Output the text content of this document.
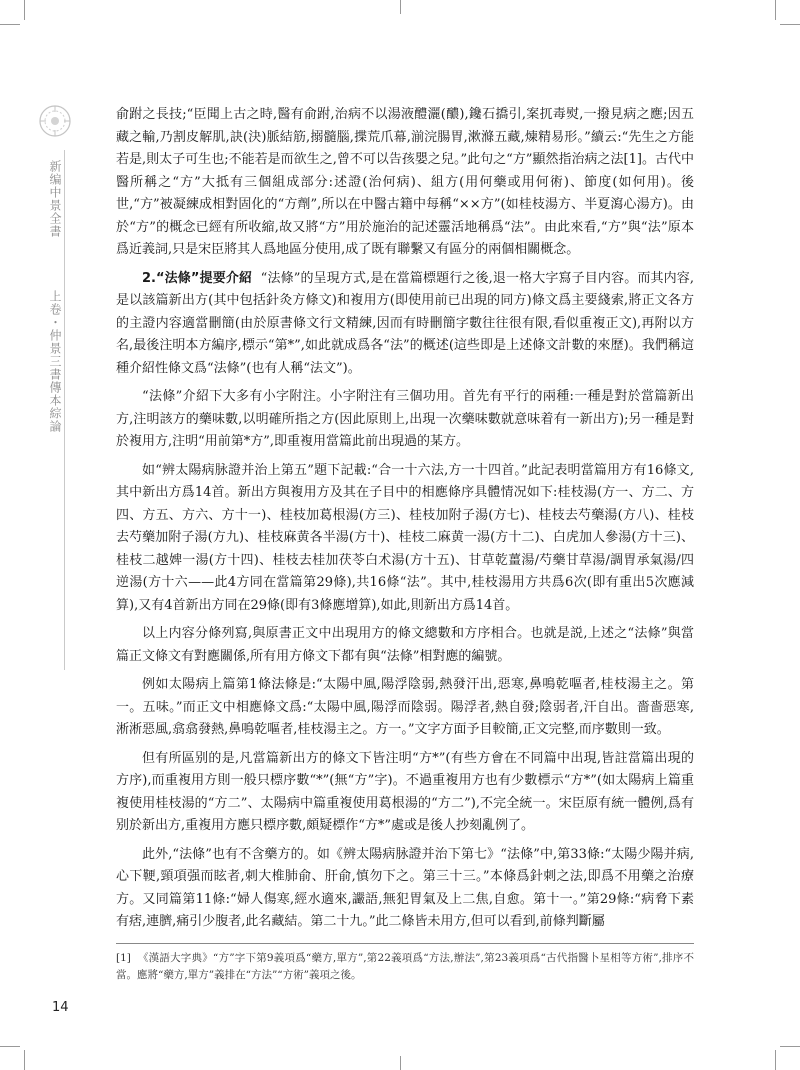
新编中景全書
上卷・仲景三書傳本綜論

俞跗之長技;“臣聞上古之時,醫有俞跗,治病不以湯液醴灑(醲),鑱石撟引,案扤毒熨,一撥見病之應;因五藏之輸,乃割皮解肌,訣(決)脈結筋,搦髓腦,揲荒爪幕,湔浣腸胃,漱滌五藏,煉精易形。”續云:“先生之方能若是,則太子可生也;不能若是而欲生之,曾不可以告孩嬰之兒。”此句之“方”顯然指治病之法[1]。古代中醫所稱之“方”大抵有三個組成部分:述證(治何病)、組方(用何藥或用何術)、節度(如何用)。後世,“方”被凝練成相對固化的“方劑”,所以在中醫古籍中每稱“××方”(如桂枝湯方、半夏瀉心湯方)。由於“方”的概念已經有所收縮,故又將“方”用於施治的記述靈活地稱爲“法”。由此來看,“方”與“法”原本爲近義詞,只是宋臣將其人爲地區分使用,成了既有聯繫又有區分的兩個相關概念。

2.“法條”提要介紹 “法條”的呈現方式,是在當篇標題行之後,退一格大字寫子目内容。而其内容,是以該篇新出方(其中包括針灸方條文)和複用方(即使用前已出現的同方)條文爲主要綫索,將正文各方的主證内容適當刪簡(由於原書條文行文精練,因而有時刪簡字數往往很有限,看似重複正文),再附以方名,最後注明本方編序,標示“第*”,如此就成爲各“法”的概述(這些即是上述條文計數的來歷)。我們稱這種介紹性條文爲“法條”(也有人稱“法文”)。

“法條”介紹下大多有小字附注。小字附注有三個功用。首先有平行的兩種:一種是對於當篇新出方,注明該方的藥味數,以明確所指之方(因此原則上,出現一次藥味數就意味着有一新出方);另一種是對於複用方,注明“用前第*方”,即重複用當篇此前出現過的某方。

如“辨太陽病脉證并治上第五”題下記載:“合一十六法,方一十四首。”此記表明當篇用方有16條文,其中新出方爲14首。新出方與複用方及其在子目中的相應條序具體情况如下:桂枝湯(方一、方二、方四、方五、方六、方十一)、桂枝加葛根湯(方三)、桂枝加附子湯(方七)、桂枝去芍藥湯(方八)、桂枝去芍藥加附子湯(方九)、桂枝麻黄各半湯(方十)、桂枝二麻黄一湯(方十二)、白虎加人參湯(方十三)、桂枝二越婢一湯(方十四)、桂枝去桂加茯苓白术湯(方十五)、甘草乾薑湯/芍藥甘草湯/調胃承氣湯/四逆湯(方十六——此4方同在當篇第29條),共16條“法”。其中,桂枝湯用方共爲6次(即有重出5次應減算),又有4首新出方同在29條(即有3條應增算),如此,則新出方爲14首。

以上内容分條列寫,與原書正文中出現用方的條文總數和方序相合。也就是説,上述之“法條”與當篇正文條文有對應關係,所有用方條文下都有與“法條”相對應的編號。

例如太陽病上篇第1條法條是:“太陽中風,陽浮陰弱,熱發汗出,惡寒,鼻鳴乾嘔者,桂枝湯主之。第一。五味。”而正文中相應條文爲:“太陽中風,陽浮而陰弱。陽浮者,熱自發;陰弱者,汗自出。嗇嗇惡寒,淅淅惡風,翕翕發熱,鼻鳴乾嘔者,桂枝湯主之。方一。”文字方面予目較簡,正文完整,而序數則一致。

但有所區别的是,凡當篇新出方的條文下皆注明“方*”(有些方會在不同篇中出現,皆註當篇出現的方序),而重複用方則一般只標序數“*”(無“方”字)。不過重複用方也有少數標示“方*”(如太陽病上篇重複使用桂枝湯的“方二”、太陽病中篇重複使用葛根湯的“方二”),不完全統一。宋臣原有統一體例,爲有别於新出方,重複用方應只標序數,頗疑標作“方*”處或是後人抄刻亂例了。

此外,“法條”也有不含藥方的。如《辨太陽病脉證并治下第七》“法條”中,第33條:“太陽少陽并病,心下鞕,頸項强而眩者,刺大椎肺俞、肝俞,慎勿下之。第三十三。”本條爲針刺之法,即爲不用藥之治療方。又同篇第11條:“婦人傷寒,經水適來,讝語,無犯胃氣及上二焦,自愈。第十一。”第29條:“病脅下素有痞,連臍,痛引少腹者,此名藏結。第二十九。”此二條皆未用方,但可以看到,前條判斷屬

[1] 《漢語大字典》“方”字下第9義項爲“藥方,單方”,第22義項爲“方法,辦法”,第23義項爲“古代指醫卜星相等方術”,排序不當。應將“藥方,單方”義排在“方法”“方術”義項之後。
14
